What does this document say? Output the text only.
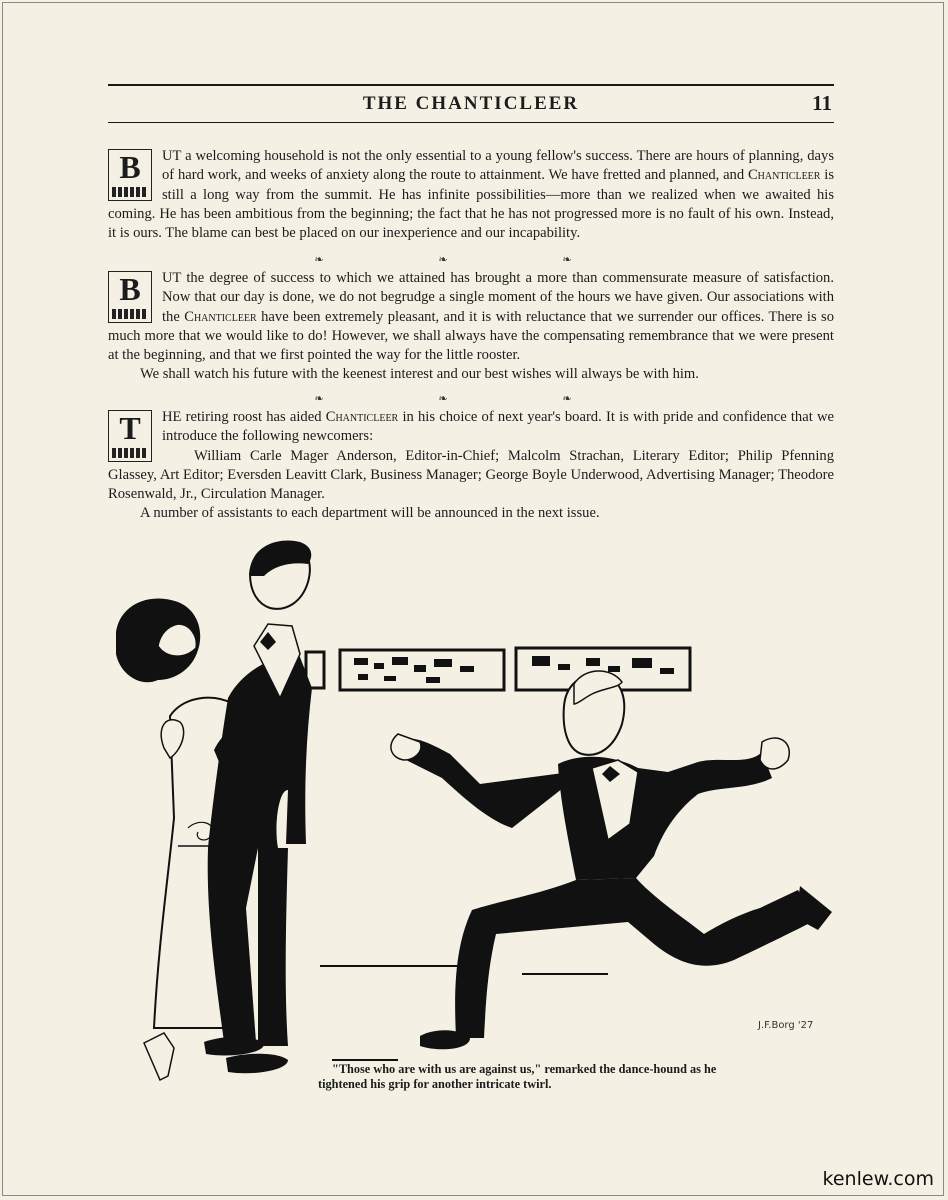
THE CHANTICLEER	11
B	UT a welcoming household is not the only essential to a young fellow's success. There are hours of planning, days of hard work, and weeks of anxiety along the route to attainment. We have fretted and planned, and Chanticleer is still a long way from the summit. He has infinite possibilities—more than we realized when we awaited his coming. He has been ambitious from the beginning; the fact that he has not progressed more is no fault of his own. Instead, it is ours. The blame can best be placed on our inexperience and our incapability.

❧ ❧ ❧
B	UT the degree of success to which we attained has brought a more than commensurate measure of satisfaction. Now that our day is done, we do not begrudge a single moment of the hours we have given. Our associations with the Chanticleer have been extremely pleasant, and it is with reluctance that we surrender our offices. There is so much more that we would like to do! However, we shall always have the compensating remembrance that we were present at the beginning, and that we first pointed the way for the little rooster.

We shall watch his future with the keenest interest and our best wishes will always be with him.

❧ ❧ ❧
T	HE retiring roost has aided Chanticleer in his choice of next year's board. It is with pride and confidence that we introduce the following newcomers:

William Carle Mager Anderson, Editor-in-Chief; Malcolm Strachan, Literary Editor; Philip Pfenning Glassey, Art Editor; Eversden Leavitt Clark, Business Manager; George Boyle Underwood, Advertising Manager; Theodore Rosenwald, Jr., Circulation Manager.

A number of assistants to each department will be announced in the next issue.

J.F.Borg '27
"Those who are with us are against us," remarked the dance-hound as he tightened his grip for another intricate twirl.
kenlew.com
